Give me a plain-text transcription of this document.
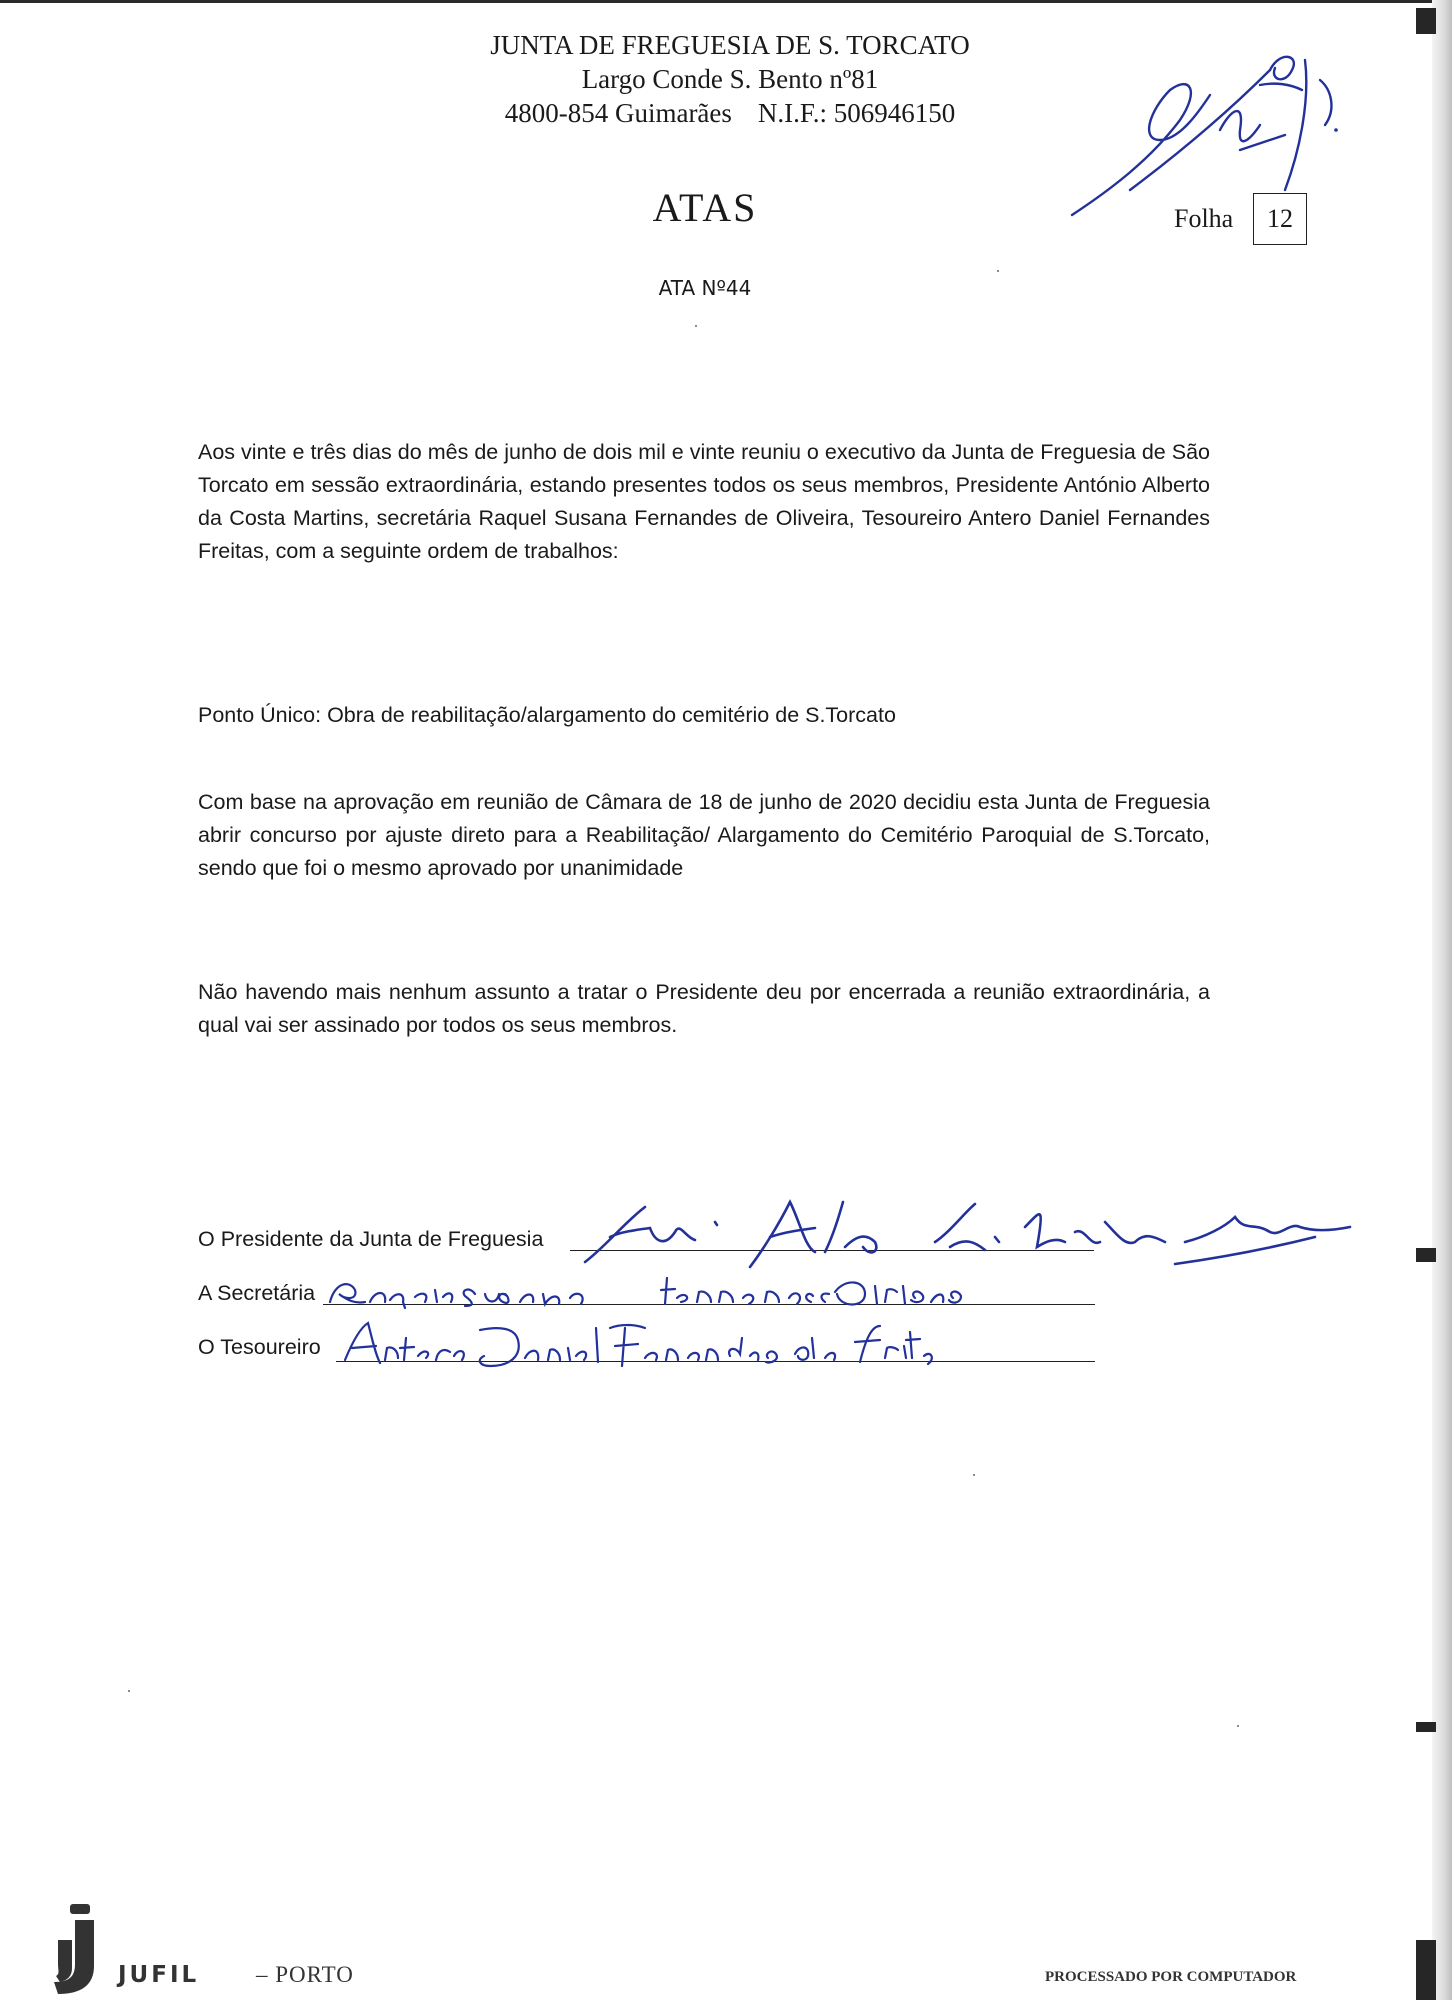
JUNTA DE FREGUESIA DE S. TORCATO
Largo Conde S. Bento nº81
4800-854 Guimarães N.I.F.: 506946150
ATAS	Folha	12
ATA Nº44

Aos vinte e três dias do mês de junho de dois mil e vinte reuniu o executivo da Junta de Freguesia de São Torcato em sessão extraordinária, estando presentes todos os seus membros, Presidente António Alberto da Costa Martins, secretária Raquel Susana Fernandes de Oliveira, Tesoureiro Antero Daniel Fernandes Freitas, com a seguinte ordem de trabalhos:

Ponto Único: Obra de reabilitação/alargamento do cemitério de S.Torcato

Com base na aprovação em reunião de Câmara de 18 de junho de 2020 decidiu esta Junta de Freguesia abrir concurso por ajuste direto para a Reabilitação/ Alargamento do Cemitério Paroquial de S.Torcato, sendo que foi o mesmo aprovado por unanimidade

Não havendo mais nenhum assunto a tratar o Presidente deu por encerrada a reunião extraordinária, a qual vai ser assinado por todos os seus membros.

O Presidente da Junta de Freguesia
A Secretária
O Tesoureiro
JUFIL – PORTO	PROCESSADO POR COMPUTADOR
